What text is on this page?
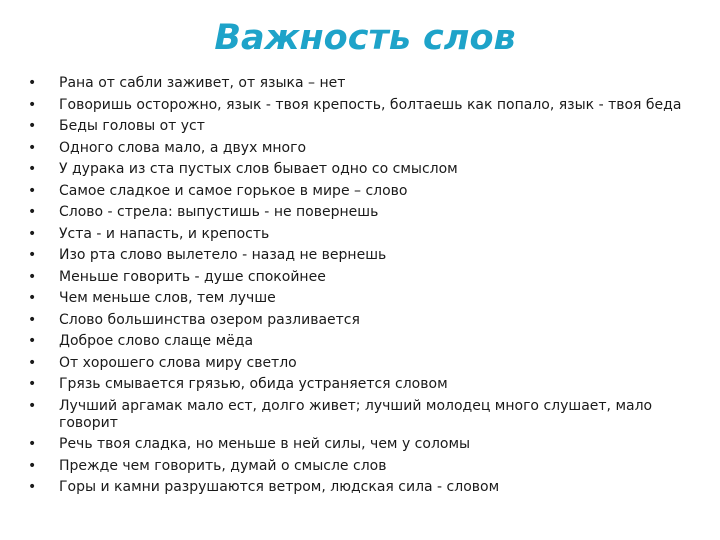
Важность слов
• Рана от сабли заживет, от языка – нет
• Говоришь осторожно, язык - твоя крепость, болтаешь как попало, язык - твоя беда
• Беды головы от уст
• Одного слова мало, а двух много
• У дурака из ста пустых слов бывает одно со смыслом
• Самое сладкое и самое горькое в мире – слово
• Слово - стрела: выпустишь - не повернешь
• Уста - и напасть, и крепость
• Изо рта слово вылетело - назад не вернешь
• Меньше говорить - душе спокойнее
• Чем меньше слов, тем лучше
• Слово большинства озером разливается
• Доброе слово слаще мёда
• От хорошего слова миру светло
• Грязь смывается грязью, обида устраняется словом
• Лучший аргамак мало ест, долго живет; лучший молодец много слушает, мало говорит
• Речь твоя сладка, но меньше в ней силы, чем у соломы
• Прежде чем говорить, думай о смысле слов
• Горы и камни разрушаются ветром, людская сила - словом
